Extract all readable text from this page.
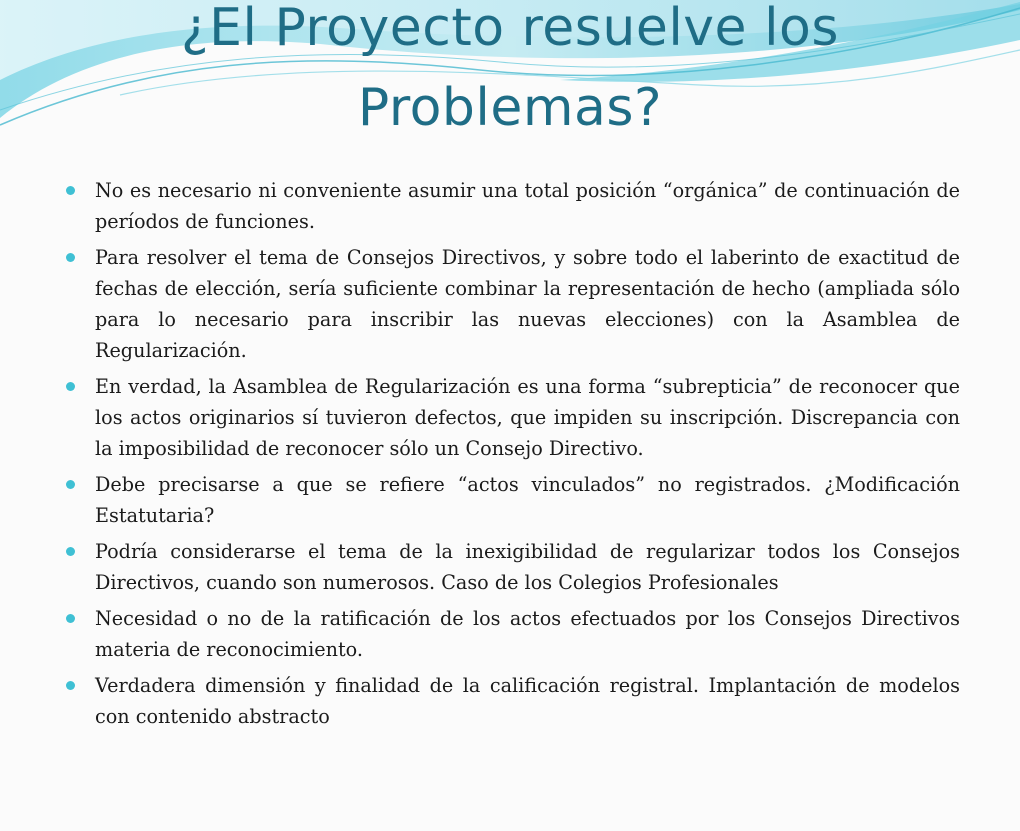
¿El Proyecto resuelve los
Problemas?
No es necesario ni conveniente asumir una total posición “orgánica” de continuación de períodos de funciones.
Para resolver el tema de Consejos Directivos, y sobre todo el laberinto de exactitud de fechas de elección, sería suficiente combinar la representación de hecho (ampliada sólo para lo necesario para inscribir las nuevas elecciones) con la Asamblea de Regularización.
En verdad, la Asamblea de Regularización es una forma “subrepticia” de reconocer que los actos originarios sí tuvieron defectos, que impiden su inscripción. Discrepancia con la imposibilidad de reconocer sólo un Consejo Directivo.
Debe precisarse a que se refiere “actos vinculados” no registrados. ¿Modificación Estatutaria?
Podría considerarse el tema de la inexigibilidad de regularizar todos los Consejos Directivos, cuando son numerosos. Caso de los Colegios Profesionales
Necesidad o no de la ratificación de los actos efectuados por los Consejos Directivos materia de reconocimiento.
Verdadera dimensión y finalidad de la calificación registral. Implantación de modelos con contenido abstracto
